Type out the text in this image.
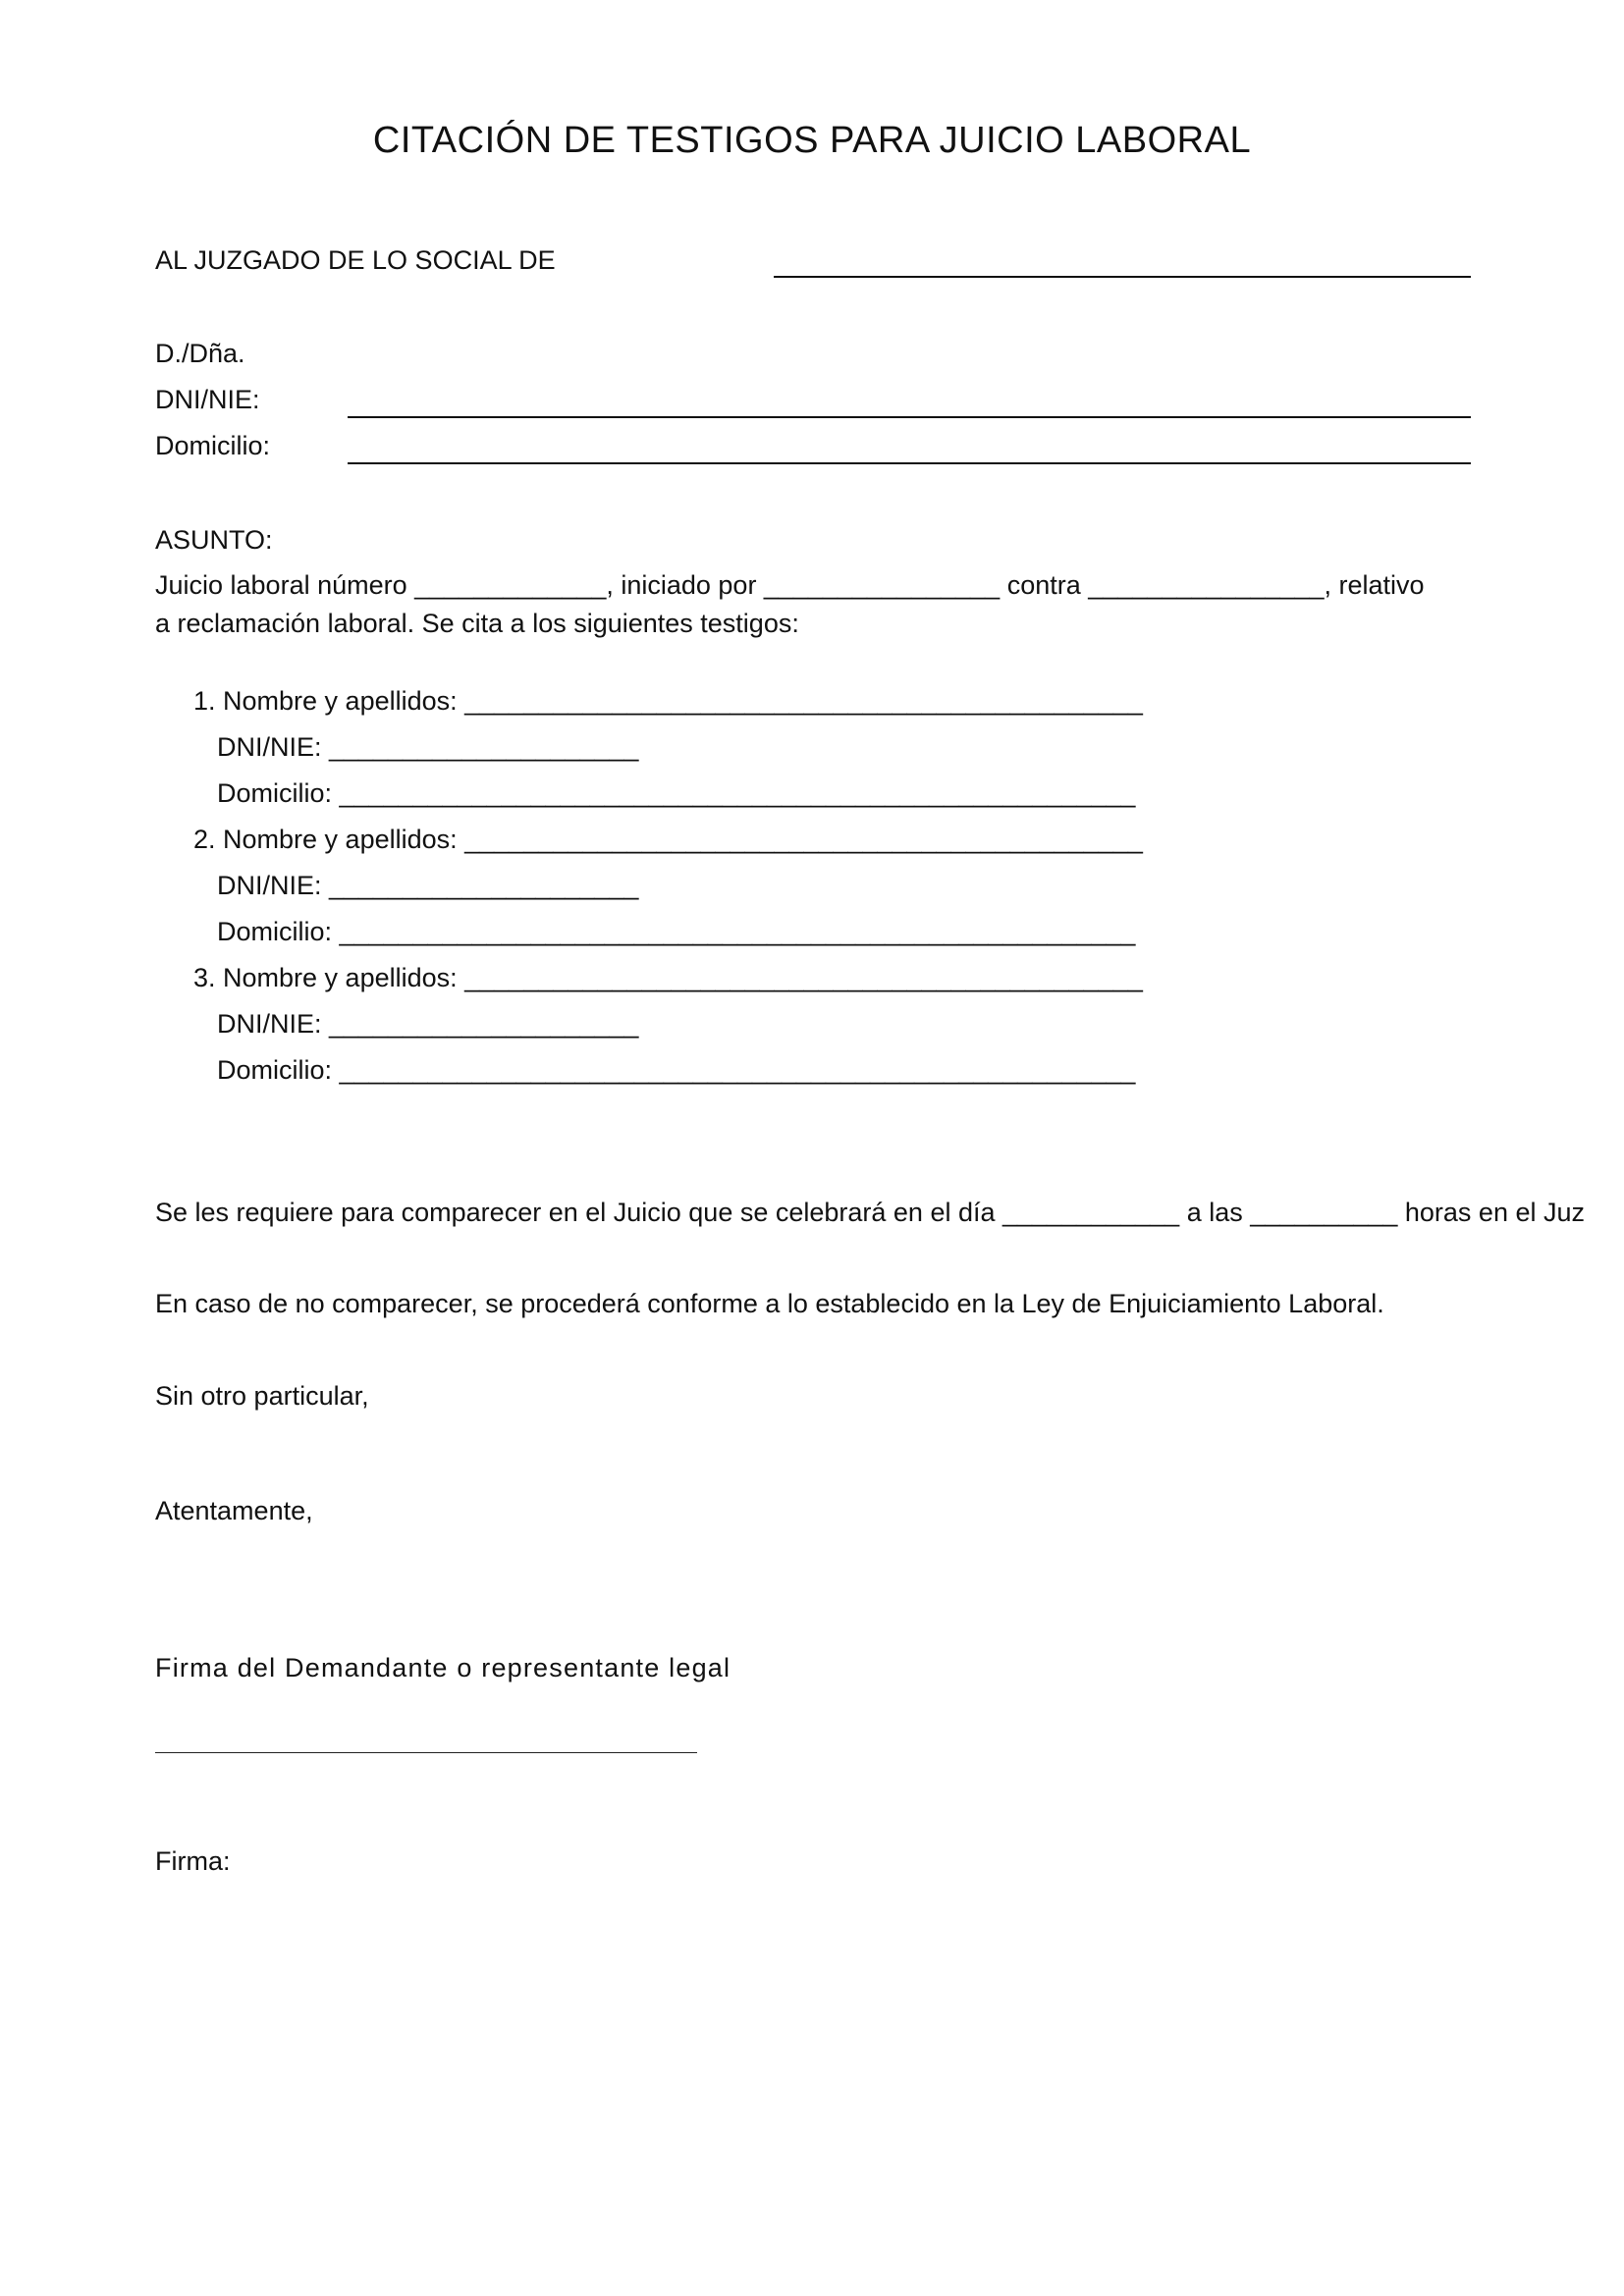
CITACIÓN DE TESTIGOS PARA JUICIO LABORAL
AL JUZGADO DE LO SOCIAL DE
D./Dña.
DNI/NIE:
Domicilio:
ASUNTO:
Juicio laboral número _____________, iniciado por ________________ contra ________________, relativo
a reclamación laboral. Se cita a los siguientes testigos:
1. Nombre y apellidos: ______________________________________________
DNI/NIE: _____________________
Domicilio: ______________________________________________________
2. Nombre y apellidos: ______________________________________________
DNI/NIE: _____________________
Domicilio: ______________________________________________________
3. Nombre y apellidos: ______________________________________________
DNI/NIE: _____________________
Domicilio: ______________________________________________________
Se les requiere para comparecer en el Juicio que se celebrará en el día ____________ a las __________ horas en el Juz
En caso de no comparecer, se procederá conforme a lo establecido en la Ley de Enjuiciamiento Laboral.
Sin otro particular,
Atentamente,
Firma del Demandante o representante legal
Firma:
